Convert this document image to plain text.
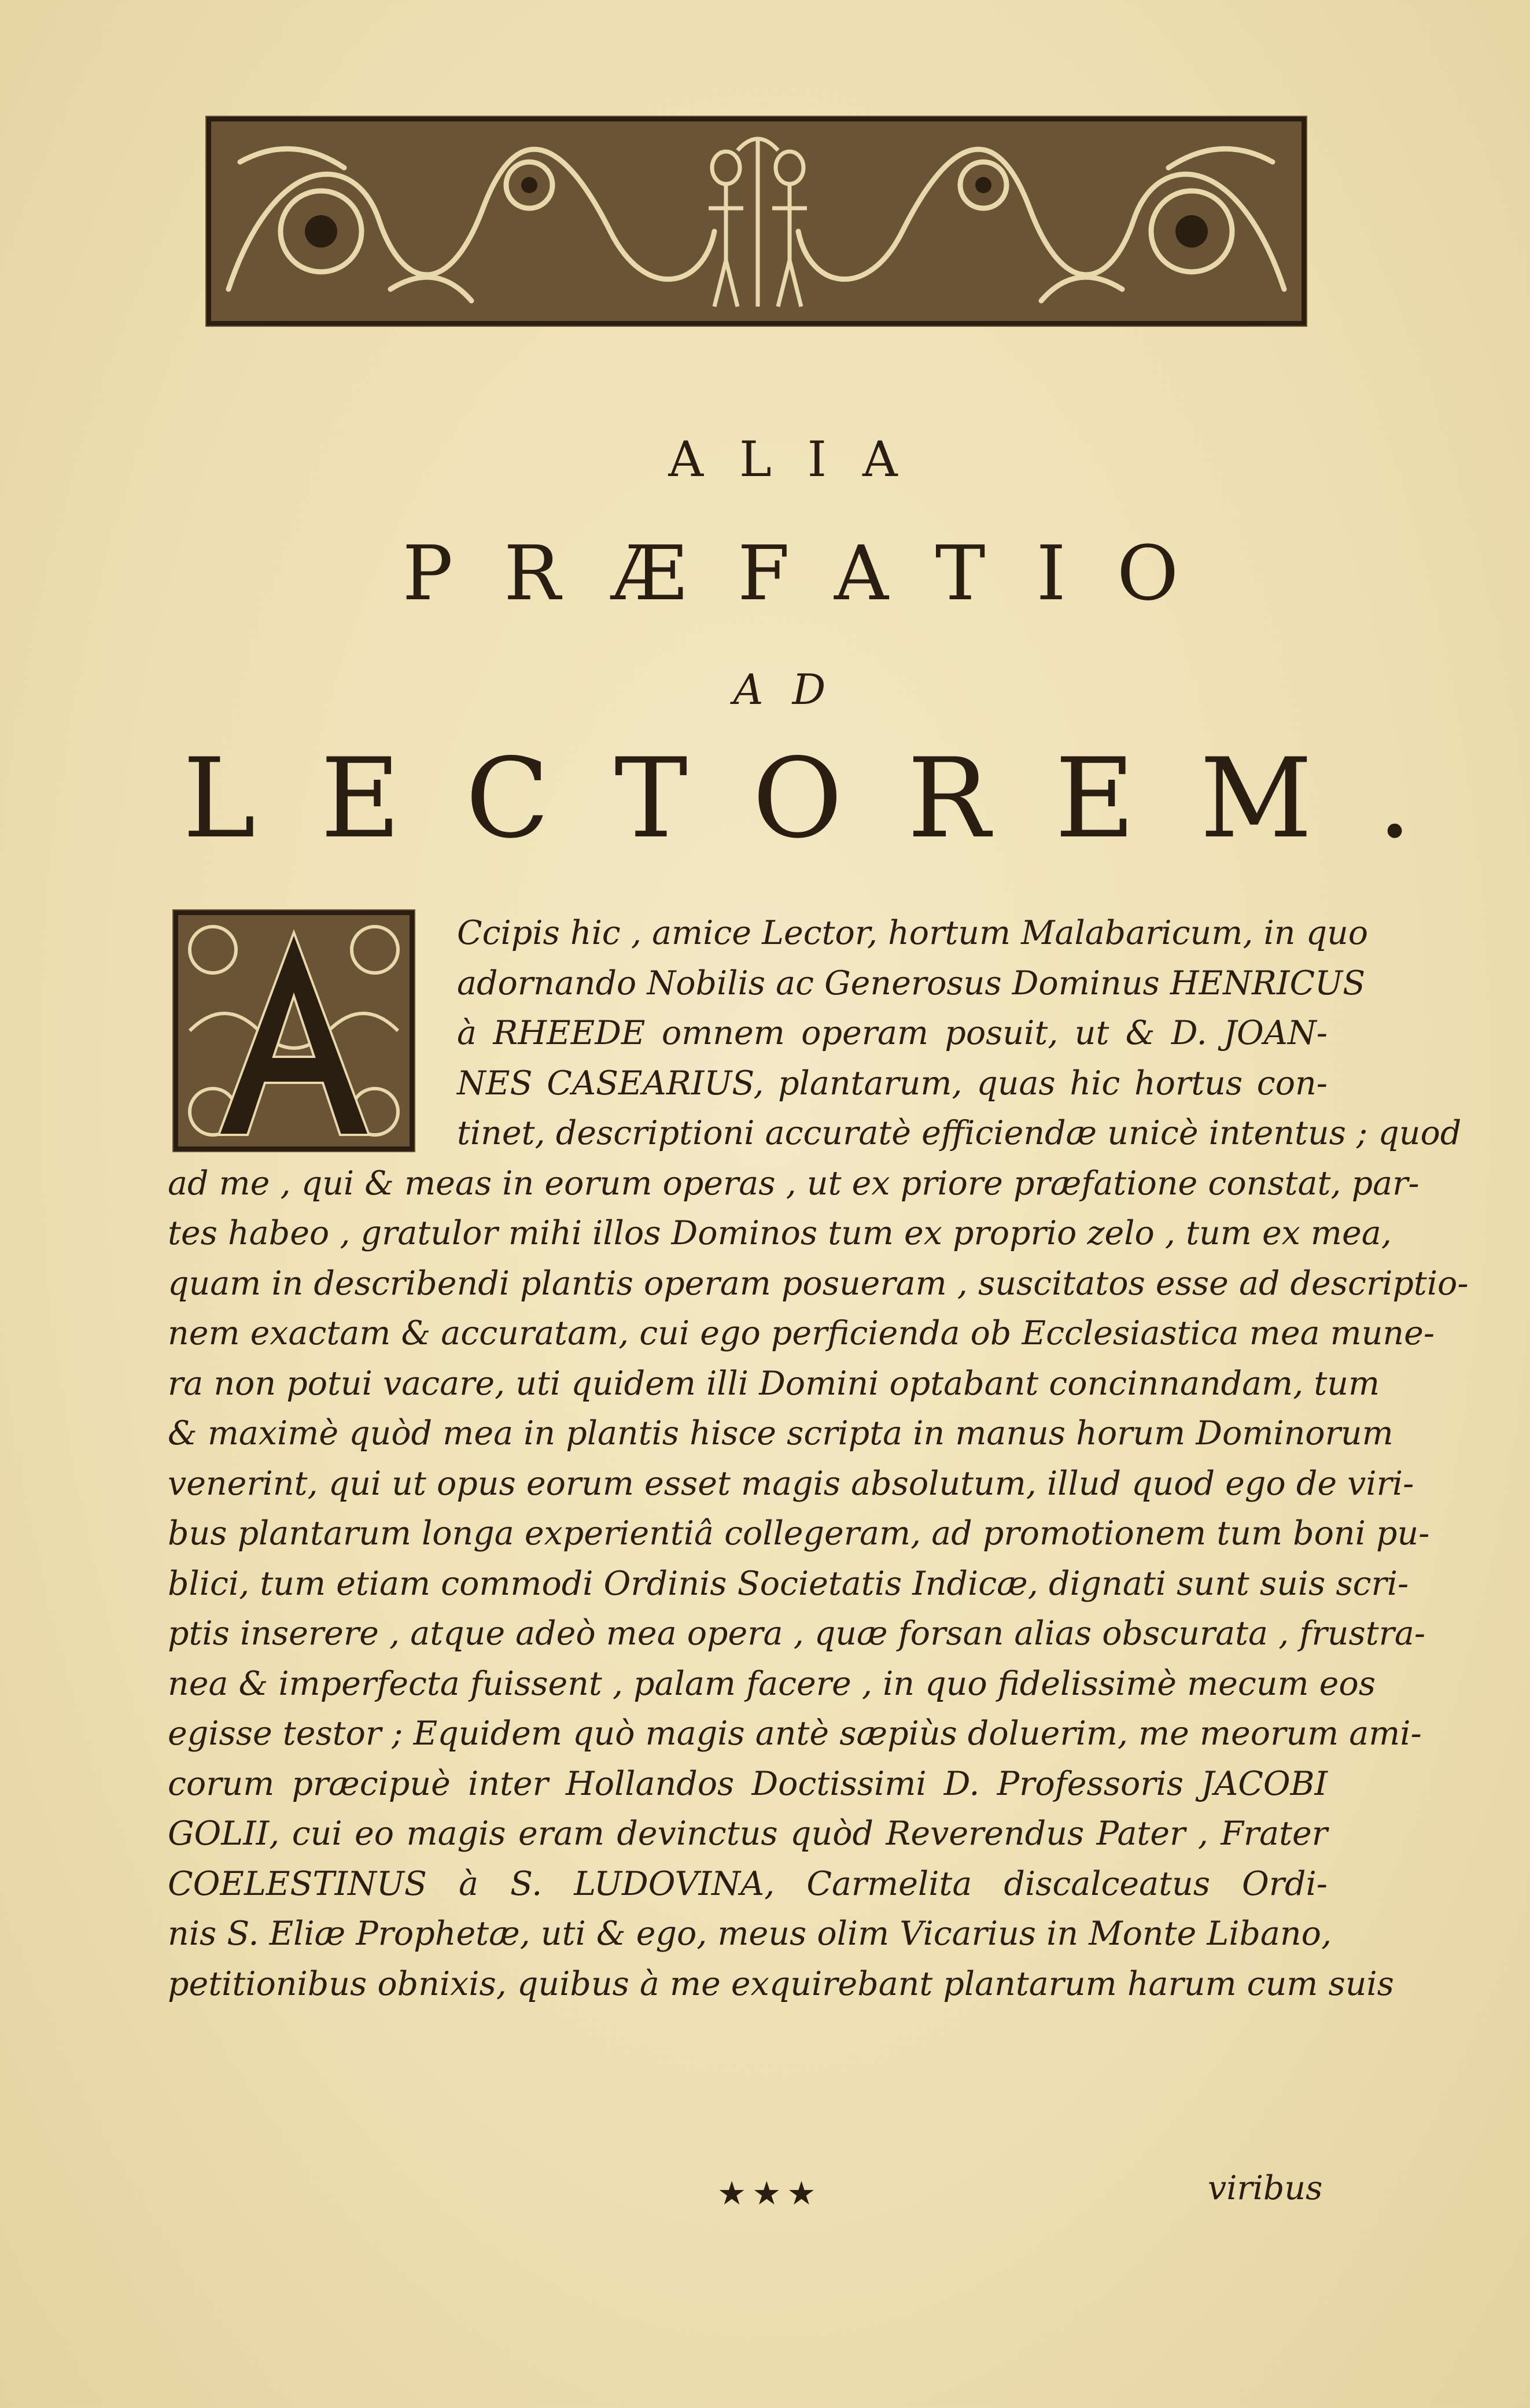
ALIA
PRÆFATIO
AD
LECTOREM.
Ccipis hic , amice Lector, hortum Malabaricum, in quo
adornando Nobilis ac Generosus Dominus HENRICUS
à RHEEDE omnem operam posuit, ut & D. JOAN-
NES CASEARIUS, plantarum, quas hic hortus con-
tinet, descriptioni accuratè efficiendæ unicè intentus ; quod
ad me , qui & meas in eorum operas , ut ex priore præfatione constat, par-
tes habeo , gratulor mihi illos Dominos tum ex proprio zelo , tum ex mea,
quam in describendi plantis operam posueram , suscitatos esse ad descriptio-
nem exactam & accuratam, cui ego perficienda ob Ecclesiastica mea mune-
ra non potui vacare, uti quidem illi Domini optabant concinnandam, tum
& maximè quòd mea in plantis hisce scripta in manus horum Dominorum
venerint, qui ut opus eorum esset magis absolutum, illud quod ego de viri-
bus plantarum longa experientiâ collegeram, ad promotionem tum boni pu-
blici, tum etiam commodi Ordinis Societatis Indicæ, dignati sunt suis scri-
ptis inserere , atque adeò mea opera , quæ forsan alias obscurata , frustra-
nea & imperfecta fuissent , palam facere , in quo fidelissimè mecum eos
egisse testor ; Equidem quò magis antè sæpiùs doluerim, me meorum ami-
corum præcipuè inter Hollandos Doctissimi D. Professoris JACOBI
GOLII, cui eo magis eram devinctus quòd Reverendus Pater , Frater
COELESTINUS à S. LUDOVINA, Carmelita discalceatus Ordi-
nis S. Eliæ Prophetæ, uti & ego, meus olim Vicarius in Monte Libano,
petitionibus obnixis, quibus à me exquirebant plantarum harum cum suis
★★★	viribus
